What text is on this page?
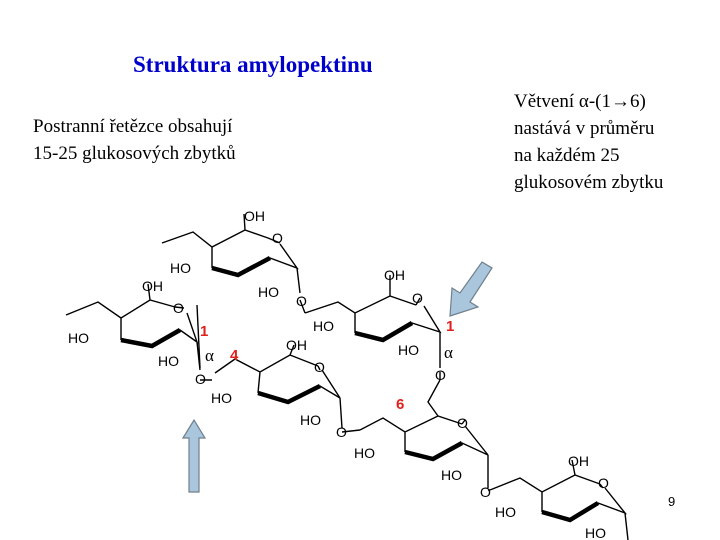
Struktura amylopektinu
Postranní řetězce obsahují
15-25 glukosových zbytků
Větvení α-(1→6)
nastává v průměru
na každém 25
glukosovém zbytku
9
OH
O
HO
OH	HO
O
OH
O
O
HO
HO	OH	HO
HO	O
O	O
HO
HO	O
O
HO	OH
HO	O
O
HO
HO
1
α 4
1
α
6
